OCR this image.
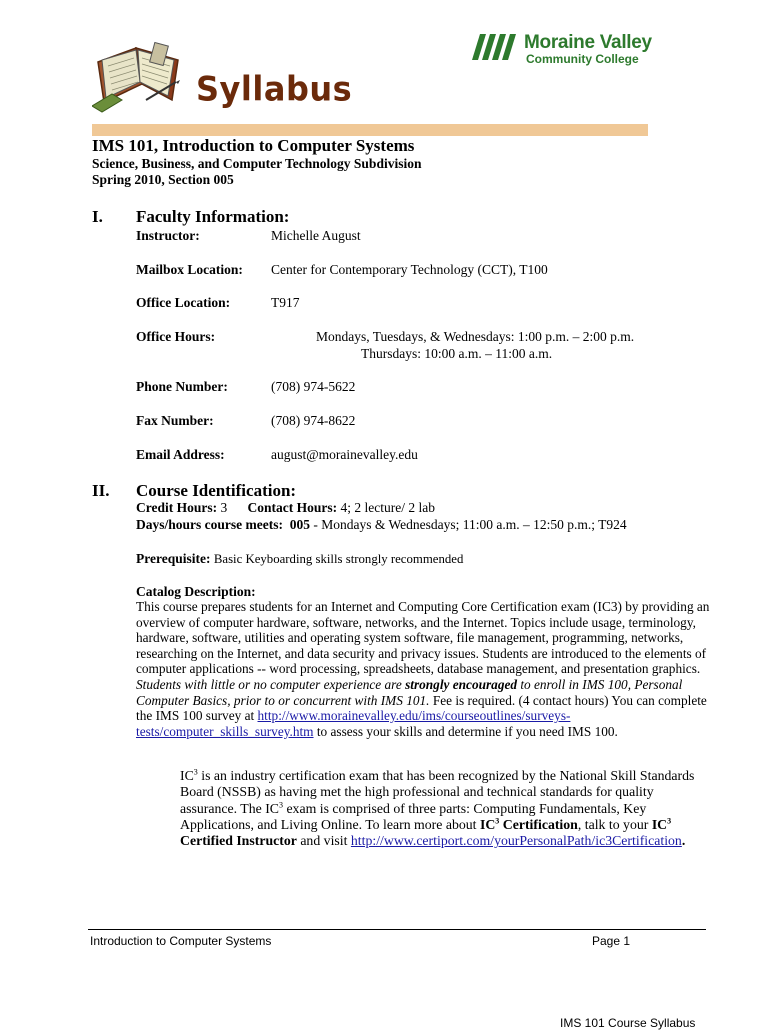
Syllabus
Moraine Valley
Community College
IMS 101, Introduction to Computer Systems
Science, Business, and Computer Technology Subdivision
Spring 2010, Section 005
I. Faculty Information:
Instructor:	Michelle August
Mailbox Location: Center for Contemporary Technology (CCT), T100
Office Location:	T917
Office Hours:	Mondays, Tuesdays, & Wednesdays: 1:00 p.m. – 2:00 p.m.
Thursdays: 10:00 a.m. – 11:00 a.m.
Phone Number:	(708) 974-5622
Fax Number:	(708) 974-8622
Email Address:	august@morainevalley.edu
II. Course Identification:
Credit Hours: 3 Contact Hours: 4; 2 lecture/ 2 lab
Days/hours course meets: 005 - Mondays & Wednesdays; 11:00 a.m. – 12:50 p.m.; T924
Prerequisite: Basic Keyboarding skills strongly recommended
Catalog Description:
This course prepares students for an Internet and Computing Core Certification exam (IC3) by providing an overview of computer hardware, software, networks, and the Internet. Topics include usage, terminology, hardware, software, utilities and operating system software, file management, programming, networks, researching on the Internet, and data security and privacy issues. Students are introduced to the elements of computer applications -- word processing, spreadsheets, database management, and presentation graphics. Students with little or no computer experience are strongly encouraged to enroll in IMS 100, Personal Computer Basics, prior to or concurrent with IMS 101. Fee is required. (4 contact hours) You can complete the IMS 100 survey at http://www.morainevalley.edu/ims/courseoutlines/surveys-tests/computer_skills_survey.htm to assess your skills and determine if you need IMS 100.
$IC^3$ is an industry certification exam that has been recognized by the National Skill Standards Board (NSSB) as having met the high professional and technical standards for quality assurance. The $IC^3$ exam is comprised of three parts: Computing Fundamentals, Key Applications, and Living Online. To learn more about $IC^3$ Certification, talk to your $IC^3$ Certified Instructor and visit http://www.certiport.com/yourPersonalPath/ic3Certification.
Introduction to Computer Systems	Page 1
IMS 101 Course Syllabus
